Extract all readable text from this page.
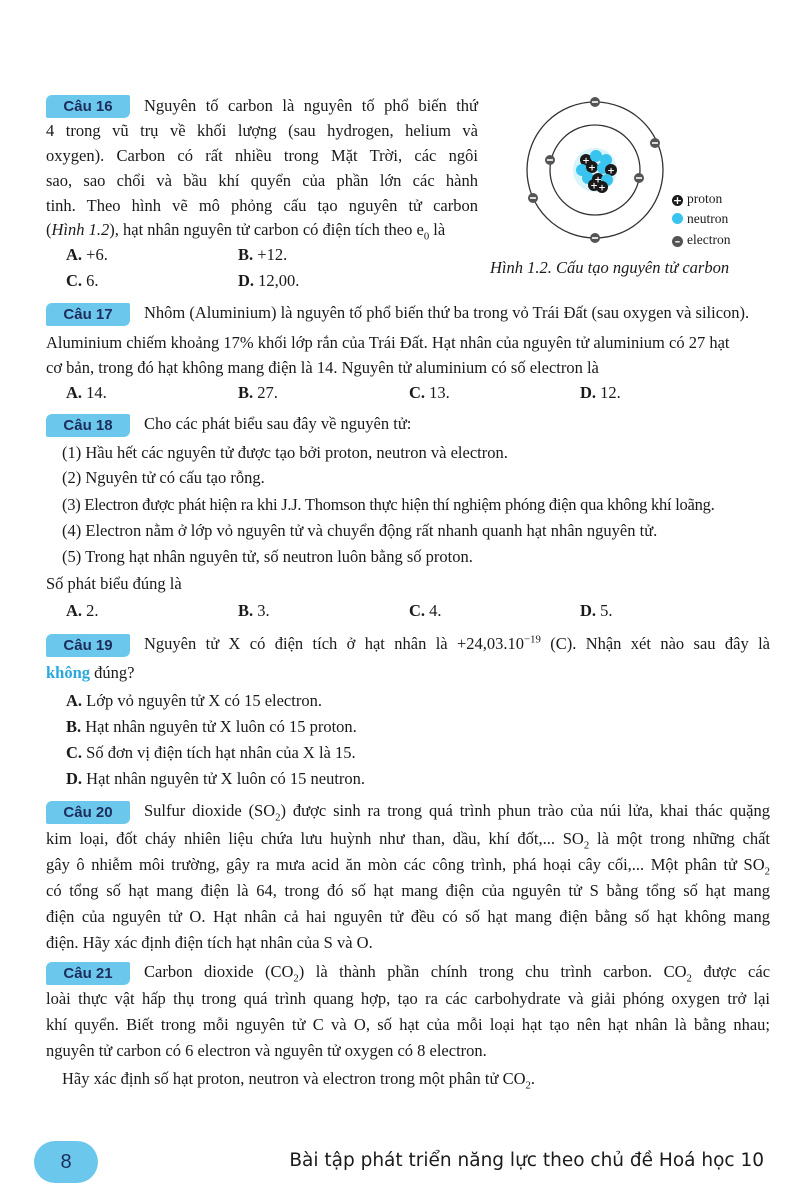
Câu 16	Nguyên tố carbon là nguyên tố phổ biến thứ
4 trong vũ trụ về khối lượng (sau hydrogen, helium và
oxygen). Carbon có rất nhiều trong Mặt Trời, các ngôi
sao, sao chổi và bầu khí quyển của phần lớn các hành
tinh. Theo hình vẽ mô phỏng cấu tạo nguyên tử carbon
(Hình 1.2), hạt nhân nguyên tử carbon có điện tích theo $e_0$ là
A. +6.	B. +12.
C. 6.	D. 12,00.
+
+ +
+
+ +
+ proton
neutron
– electron
Hình 1.2. Cấu tạo nguyên tử carbon
Câu 17	Nhôm (Aluminium) là nguyên tố phổ biến thứ ba trong vỏ Trái Đất (sau oxygen và silicon).
Aluminium chiếm khoảng 17% khối lớp rắn của Trái Đất. Hạt nhân của nguyên tử aluminium có 27 hạt
cơ bản, trong đó hạt không mang điện là 14. Nguyên tử aluminium có số electron là
A. 14.	B. 27.	C. 13.	D. 12.
Câu 18	Cho các phát biểu sau đây về nguyên tử:
(1) Hầu hết các nguyên tử được tạo bởi proton, neutron và electron.
(2) Nguyên tử có cấu tạo rỗng.
(3) Electron được phát hiện ra khi J.J. Thomson thực hiện thí nghiệm phóng điện qua không khí loãng.
(4) Electron nằm ở lớp vỏ nguyên tử và chuyển động rất nhanh quanh hạt nhân nguyên tử.
(5) Trong hạt nhân nguyên tử, số neutron luôn bằng số proton.
Số phát biểu đúng là
A. 2.	B. 3.	C. 4.	D. 5.
Câu 19	Nguyên tử X có điện tích ở hạt nhân là $+24,03.10^{-19}$ (C). Nhận xét nào sau đây là
không đúng?
A. Lớp vỏ nguyên tử X có 15 electron.
B. Hạt nhân nguyên tử X luôn có 15 proton.
C. Số đơn vị điện tích hạt nhân của X là 15.
D. Hạt nhân nguyên tử X luôn có 15 neutron.
Câu 20	Sulfur dioxide $(SO_2)$ được sinh ra trong quá trình phun trào của núi lửa, khai thác quặng
kim loại, đốt cháy nhiên liệu chứa lưu huỳnh như than, dầu, khí đốt,... $SO_2$ là một trong những chất
gây ô nhiễm môi trường, gây ra mưa acid ăn mòn các công trình, phá hoại cây cối,... Một phân tử $SO_2$
có tổng số hạt mang điện là 64, trong đó số hạt mang điện của nguyên tử S bằng tổng số hạt mang
điện của nguyên tử O. Hạt nhân cả hai nguyên tử đều có số hạt mang điện bằng số hạt không mang
điện. Hãy xác định điện tích hạt nhân của S và O.
Câu 21	Carbon dioxide $(CO_2)$ là thành phần chính trong chu trình carbon. $CO_2$ được các
loài thực vật hấp thụ trong quá trình quang hợp, tạo ra các carbohydrate và giải phóng oxygen trở lại
khí quyển. Biết trong mỗi nguyên tử C và O, số hạt của mỗi loại hạt tạo nên hạt nhân là bằng nhau;
nguyên tử carbon có 6 electron và nguyên tử oxygen có 8 electron.
Hãy xác định số hạt proton, neutron và electron trong một phân tử $CO_2$.
8	Bài tập phát triển năng lực theo chủ đề Hoá học 10
